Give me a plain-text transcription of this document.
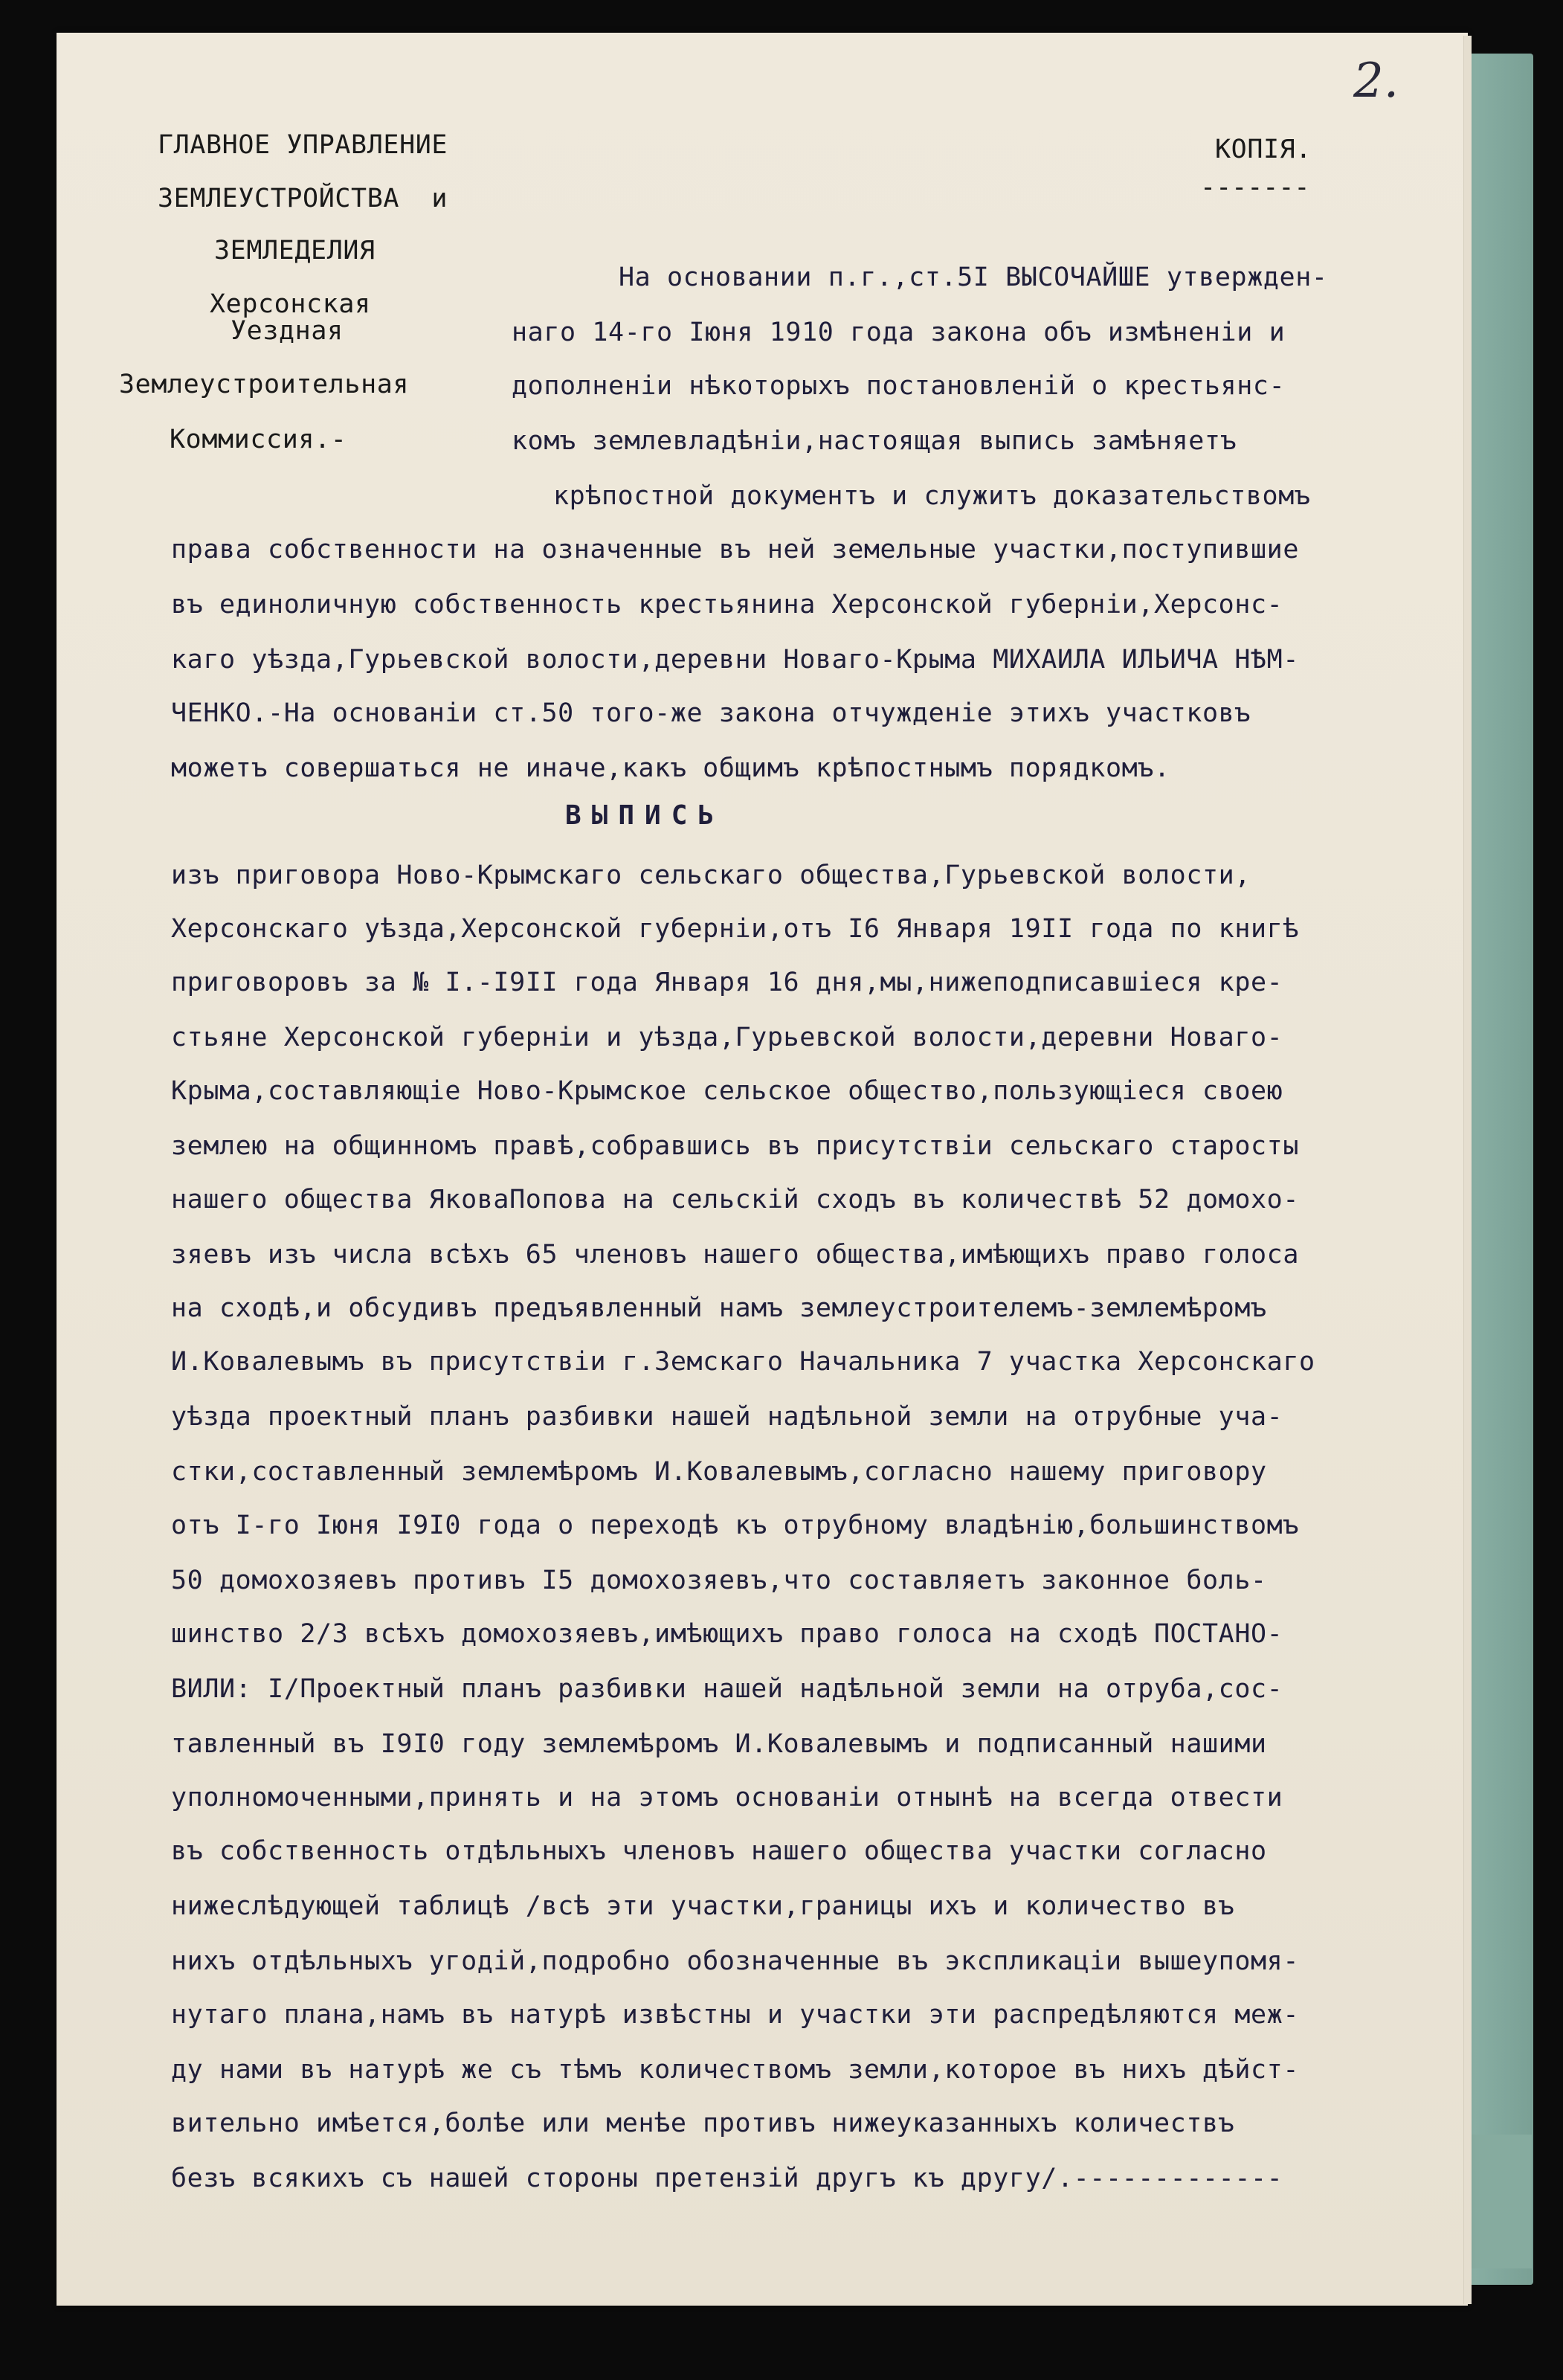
2.
ГЛАВНОЕ УПРАВЛЕНИЕ
ЗЕМЛЕУСТРОЙСТВА  и
ЗЕМЛЕДЕЛИЯ
Херсонская
Уездная
Землеустроительная
Коммиссия.-
КОПIЯ.
-------
На основании п.г.,ст.5I ВЫСОЧАЙШЕ утвержден-
наго 14-го Iюня 1910 года закона объ измѣненiи и
дополненiи нѣкоторыхъ постановленiй о крестьянс-
комъ землевладѣнiи,настоящая выпись замѣняетъ
крѣпостной документъ и служитъ доказательствомъ
права собственности на означенные въ ней земельные участки,поступившие
въ единоличную собственность крестьянина Херсонской губернiи,Херсонс-
каго уѣзда,Гурьевской волости,деревни Новаго-Крыма МИХАИЛА ИЛЬИЧА НѢМ-
ЧЕНКО.-На основанiи ст.50 того-же закона отчужденiе этихъ участковъ
можетъ совершаться не иначе,какъ общимъ крѣпостнымъ порядкомъ.
ВЫПИСЬ
изъ приговора Ново-Крымскаго сельскаго общества,Гурьевской волости,
Херсонскаго уѣзда,Херсонской губернiи,отъ I6 Января 19II года по книгѣ
приговоровъ за № I.-I9II года Января 16 дня,мы,нижеподписавшiеся кре-
стьяне Херсонской губернiи и уѣзда,Гурьевской волости,деревни Новаго-
Крыма,составляющiе Ново-Крымское сельское общество,пользующiеся своею
землею на общинномъ правѣ,собравшись въ присутствiи сельскаго старосты
нашего общества ЯковаПопова на сельскiй сходъ въ количествѣ 52 домохо-
зяевъ изъ числа всѣхъ 65 членовъ нашего общества,имѣющихъ право голоса
на сходѣ,и обсудивъ предъявленный намъ землеустроителемъ-землемѣромъ
И.Ковалевымъ въ присутствiи г.Земскаго Начальника 7 участка Херсонскаго
уѣзда проектный планъ разбивки нашей надѣльной земли на отрубные уча-
стки,составленный землемѣромъ И.Ковалевымъ,согласно нашему приговору
отъ I-го Iюня I9I0 года о переходѣ къ отрубному владѣнiю,большинствомъ
50 домохозяевъ противъ I5 домохозяевъ,что составляетъ законное боль-
шинство 2/3 всѣхъ домохозяевъ,имѣющихъ право голоса на сходѣ ПОСТАНО-
ВИЛИ: I/Проектный планъ разбивки нашей надѣльной земли на отруба,сос-
тавленный въ I9I0 году землемѣромъ И.Ковалевымъ и подписанный нашими
уполномоченными,принять и на этомъ основанiи отнынѣ на всегда отвести
въ собственность отдѣльныхъ членовъ нашего общества участки согласно
нижеслѣдующей таблицѣ /всѣ эти участки,границы ихъ и количество въ
нихъ отдѣльныхъ угодiй,подробно обозначенные въ экспликацiи вышеупомя-
нутаго плана,намъ въ натурѣ извѣстны и участки эти распредѣляются меж-
ду нами въ натурѣ же съ тѣмъ количествомъ земли,которое въ нихъ дѣйст-
вительно имѣется,болѣе или менѣе противъ нижеуказанныхъ количествъ
безъ всякихъ съ нашей стороны претензiй другъ къ другу/.-------------
